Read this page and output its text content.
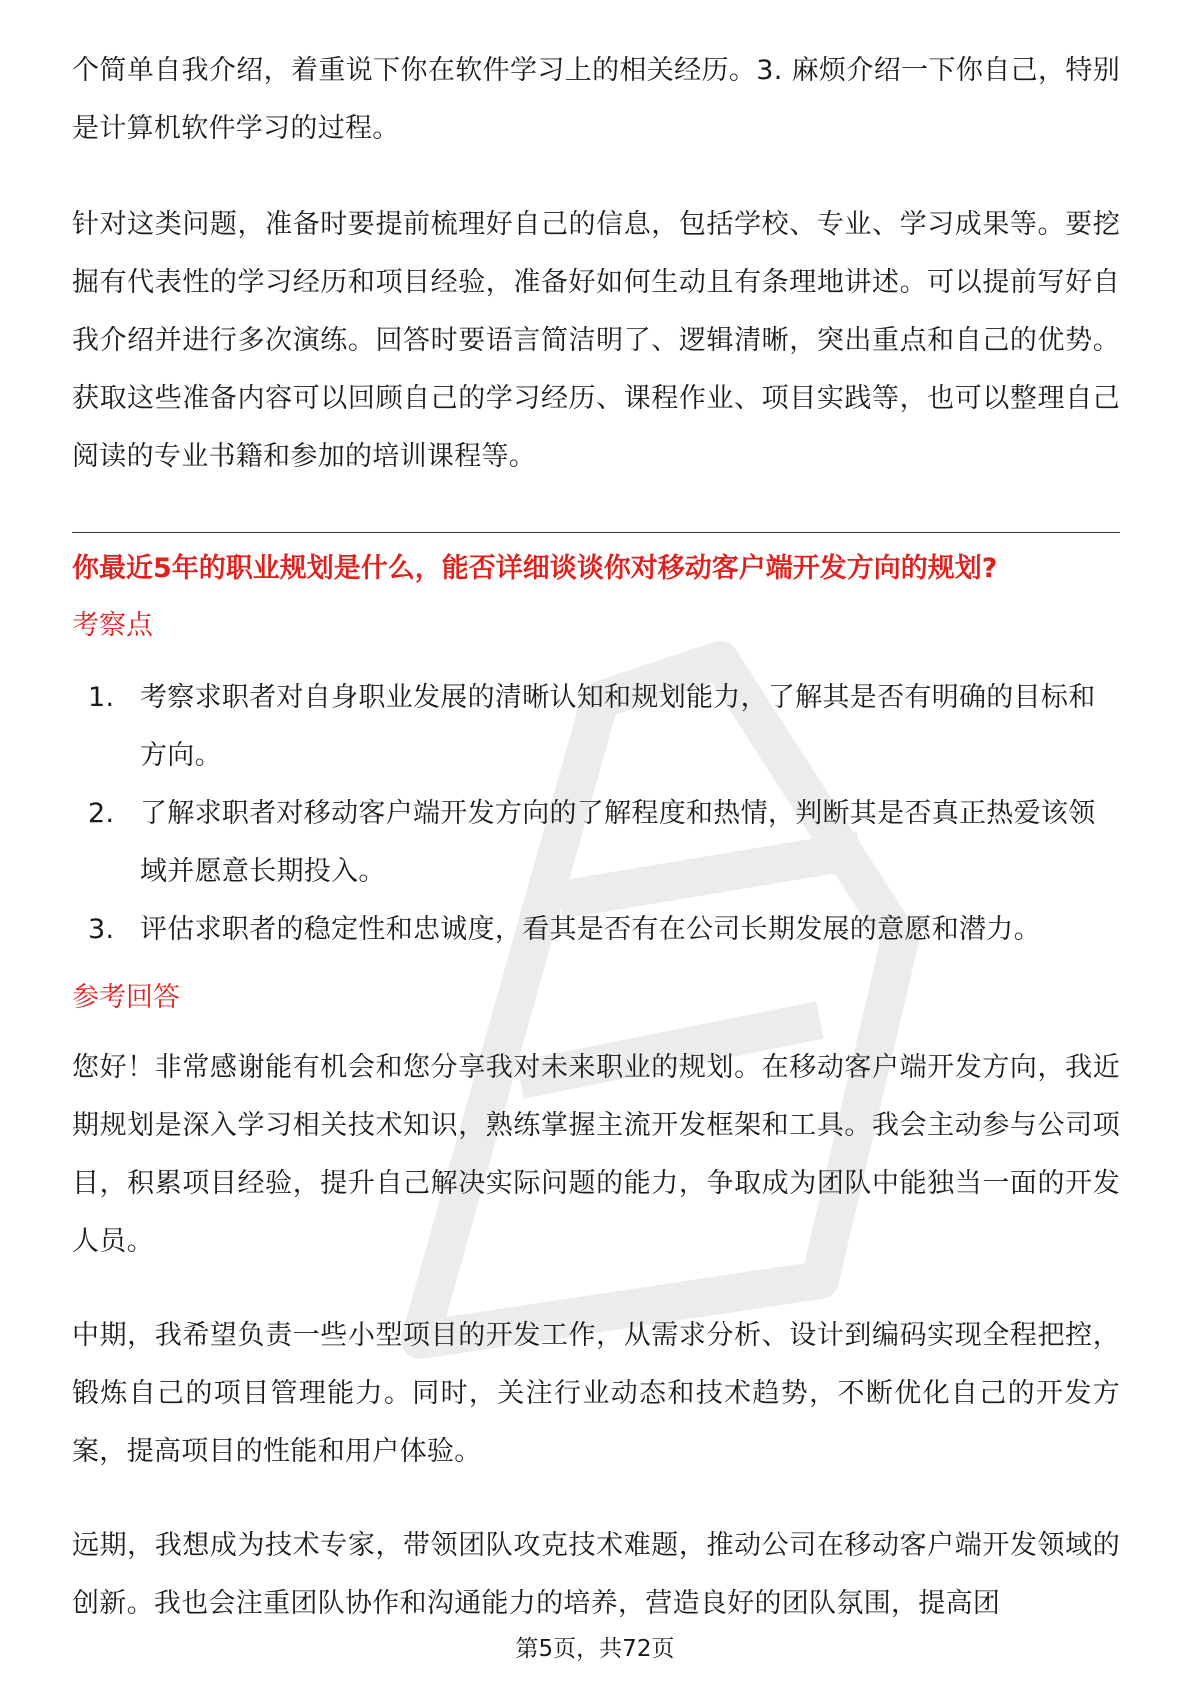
个简单自我介绍，着重说下你在软件学习上的相关经历。3. 麻烦介绍一下你自己，特别是计算机软件学习的过程。

针对这类问题，准备时要提前梳理好自己的信息，包括学校、专业、学习成果等。要挖掘有代表性的学习经历和项目经验，准备好如何生动且有条理地讲述。可以提前写好自我介绍并进行多次演练。回答时要语言简洁明了、逻辑清晰，突出重点和自己的优势。获取这些准备内容可以回顾自己的学习经历、课程作业、项目实践等，也可以整理自己阅读的专业书籍和参加的培训课程等。

你最近5年的职业规划是什么，能否详细谈谈你对移动客户端开发方向的规划?

考察点

1. 考察求职者对自身职业发展的清晰认知和规划能力，了解其是否有明确的目标和方向。
2. 了解求职者对移动客户端开发方向的了解程度和热情，判断其是否真正热爱该领域并愿意长期投入。
3. 评估求职者的稳定性和忠诚度，看其是否有在公司长期发展的意愿和潜力。

参考回答

您好！非常感谢能有机会和您分享我对未来职业的规划。在移动客户端开发方向，我近期规划是深入学习相关技术知识，熟练掌握主流开发框架和工具。我会主动参与公司项目，积累项目经验，提升自己解决实际问题的能力，争取成为团队中能独当一面的开发人员。

中期，我希望负责一些小型项目的开发工作，从需求分析、设计到编码实现全程把控，锻炼自己的项目管理能力。同时，关注行业动态和技术趋势，不断优化自己的开发方案，提高项目的性能和用户体验。

远期，我想成为技术专家，带领团队攻克技术难题，推动公司在移动客户端开发领域的创新。我也会注重团队协作和沟通能力的培养，营造良好的团队氛围，提高团

第5页，共72页
